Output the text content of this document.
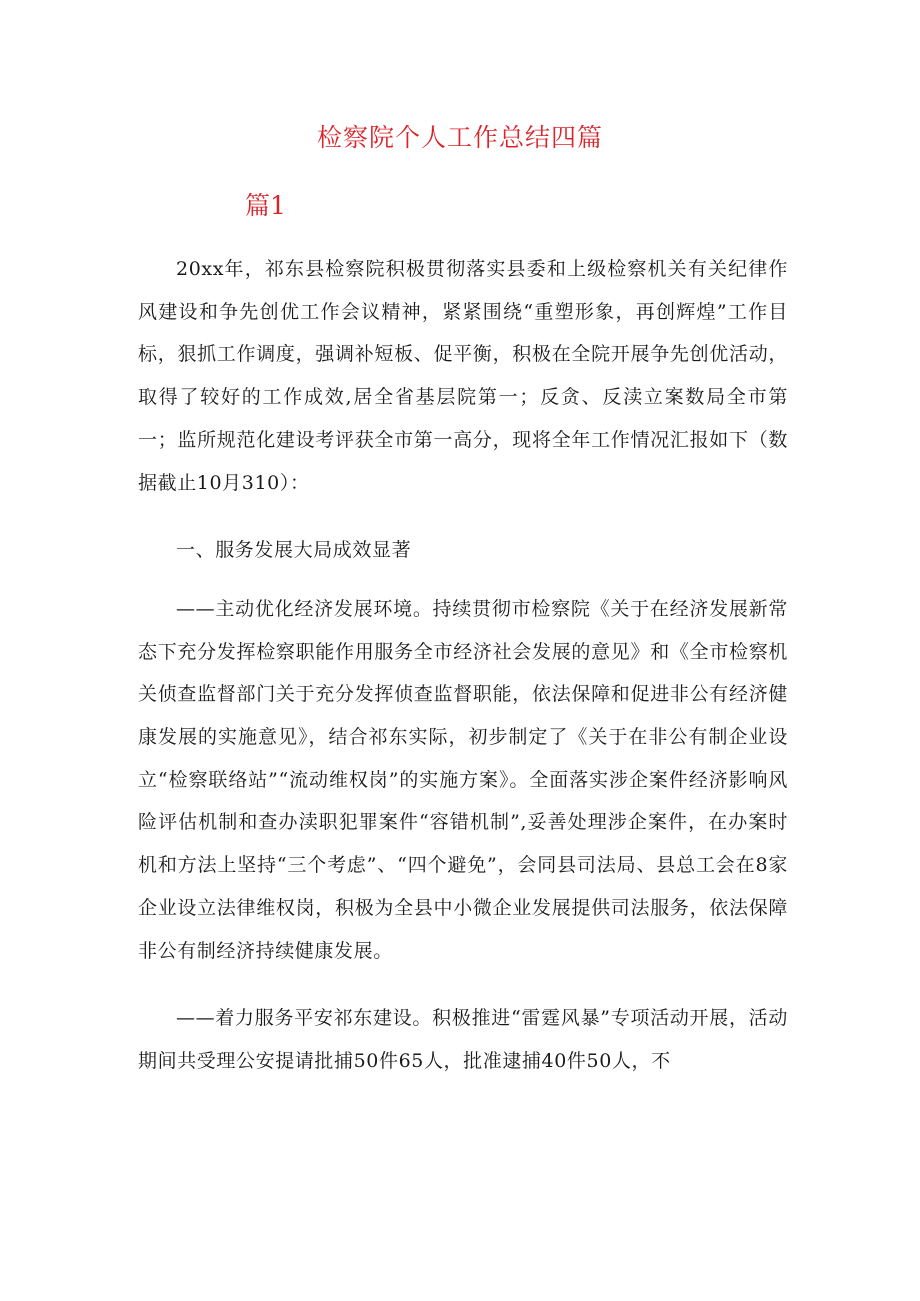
检察院个人工作总结四篇
篇1

20xx年，祁东县检察院积极贯彻落实县委和上级检察机关有关纪律作风建设和争先创优工作会议精神，紧紧围绕“重塑形象，再创辉煌”工作目标，狠抓工作调度，强调补短板、促平衡，积极在全院开展争先创优活动，取得了较好的工作成效,居全省基层院第一；反贪、反渎立案数局全市第一；监所规范化建设考评获全市第一高分，现将全年工作情况汇报如下（数据截止10月310）：

一、服务发展大局成效显著

——主动优化经济发展环境。持续贯彻市检察院《关于在经济发展新常态下充分发挥检察职能作用服务全市经济社会发展的意见》和《全市检察机关侦查监督部门关于充分发挥侦查监督职能，依法保障和促进非公有经济健康发展的实施意见》，结合祁东实际，初步制定了《关于在非公有制企业设立“检察联络站”“流动维权岗”的实施方案》。全面落实涉企案件经济影响风险评估机制和查办渎职犯罪案件“容错机制”,妥善处理涉企案件，在办案时机和方法上坚持“三个考虑”、“四个避免”，会同县司法局、县总工会在8家企业设立法律维权岗，积极为全县中小微企业发展提供司法服务，依法保障非公有制经济持续健康发展。

——着力服务平安祁东建设。积极推进“雷霆风暴”专项活动开展，活动期间共受理公安提请批捕50件65人，批准逮捕40件50人，不
